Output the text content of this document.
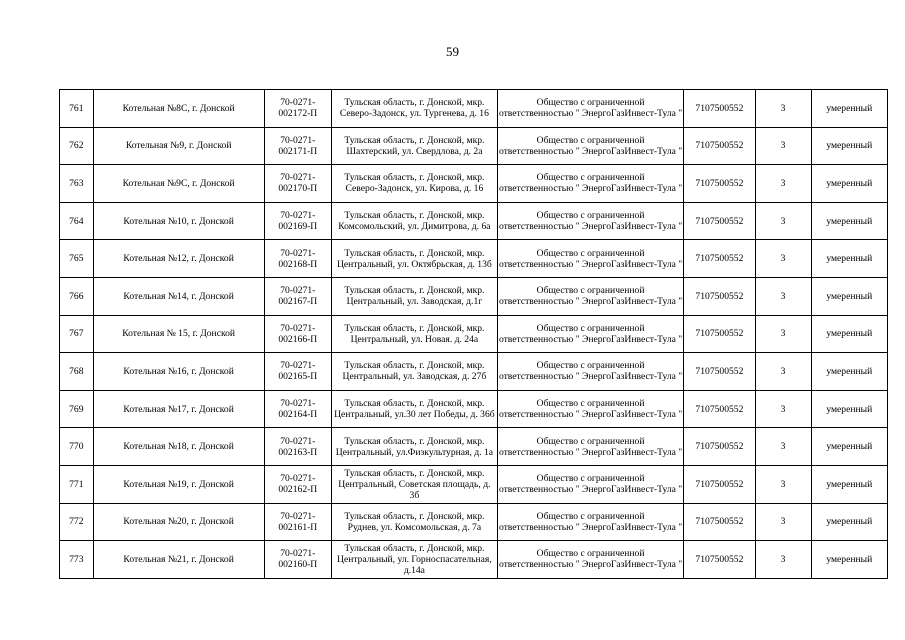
59
761	Котельная №8С, г. Донской	70-0271-002172-П	Тульская область, г. Донской, мкр. Северо-Задонск, ул. Тургенева, д. 16	Общество с ограниченной ответственностью " ЭнергоГазИнвест-Тула "	7107500552	3	умеренный
762	Котельная №9, г. Донской	70-0271-002171-П	Тульская область, г. Донской, мкр. Шахтерский, ул. Свердлова, д. 2а	Общество с ограниченной ответственностью " ЭнергоГазИнвест-Тула "	7107500552	3	умеренный
763	Котельная №9С, г. Донской	70-0271-002170-П	Тульская область, г. Донской, мкр. Северо-Задонск, ул. Кирова, д. 16	Общество с ограниченной ответственностью " ЭнергоГазИнвест-Тула "	7107500552	3	умеренный
764	Котельная №10, г. Донской	70-0271-002169-П	Тульская область, г. Донской, мкр. Комсомольский, ул. Димитрова, д. 6а	Общество с ограниченной ответственностью " ЭнергоГазИнвест-Тула "	7107500552	3	умеренный
765	Котельная №12, г. Донской	70-0271-002168-П	Тульская область, г. Донской, мкр. Центральный, ул. Октябрьская, д. 13б	Общество с ограниченной ответственностью " ЭнергоГазИнвест-Тула "	7107500552	3	умеренный
766	Котельная №14, г. Донской	70-0271-002167-П	Тульская область, г. Донской, мкр. Центральный, ул. Заводская, д.1г	Общество с ограниченной ответственностью " ЭнергоГазИнвест-Тула "	7107500552	3	умеренный
767	Котельная № 15, г. Донской	70-0271-002166-П	Тульская область, г. Донской, мкр. Центральный, ул. Новая. д. 24а	Общество с ограниченной ответственностью " ЭнергоГазИнвест-Тула "	7107500552	3	умеренный
768	Котельная №16, г. Донской	70-0271-002165-П	Тульская область, г. Донской, мкр. Центральный, ул. Заводская, д. 27б	Общество с ограниченной ответственностью " ЭнергоГазИнвест-Тула "	7107500552	3	умеренный
769	Котельная №17, г. Донской	70-0271-002164-П	Тульская область, г. Донской, мкр. Центральный, ул.30 лет Победы, д. 36б	Общество с ограниченной ответственностью " ЭнергоГазИнвест-Тула "	7107500552	3	умеренный
770	Котельная №18, г. Донской	70-0271-002163-П	Тульская область, г. Донской, мкр. Центральный, ул.Физкультурная, д. 1а	Общество с ограниченной ответственностью " ЭнергоГазИнвест-Тула "	7107500552	3	умеренный
771	Котельная №19, г. Донской	70-0271-002162-П	Тульская область, г. Донской, мкр. Центральный, Советская площадь, д. 3б	Общество с ограниченной ответственностью " ЭнергоГазИнвест-Тула "	7107500552	3	умеренный
772	Котельная №20, г. Донской	70-0271-002161-П	Тульская область, г. Донской, мкр. Руднев, ул. Комсомольская, д. 7а	Общество с ограниченной ответственностью " ЭнергоГазИнвест-Тула "	7107500552	3	умеренный
773	Котельная №21, г. Донской	70-0271-002160-П	Тульская область, г. Донской, мкр. Центральный, ул. Горноспасательная, д.14а	Общество с ограниченной ответственностью " ЭнергоГазИнвест-Тула "	7107500552	3	умеренный
